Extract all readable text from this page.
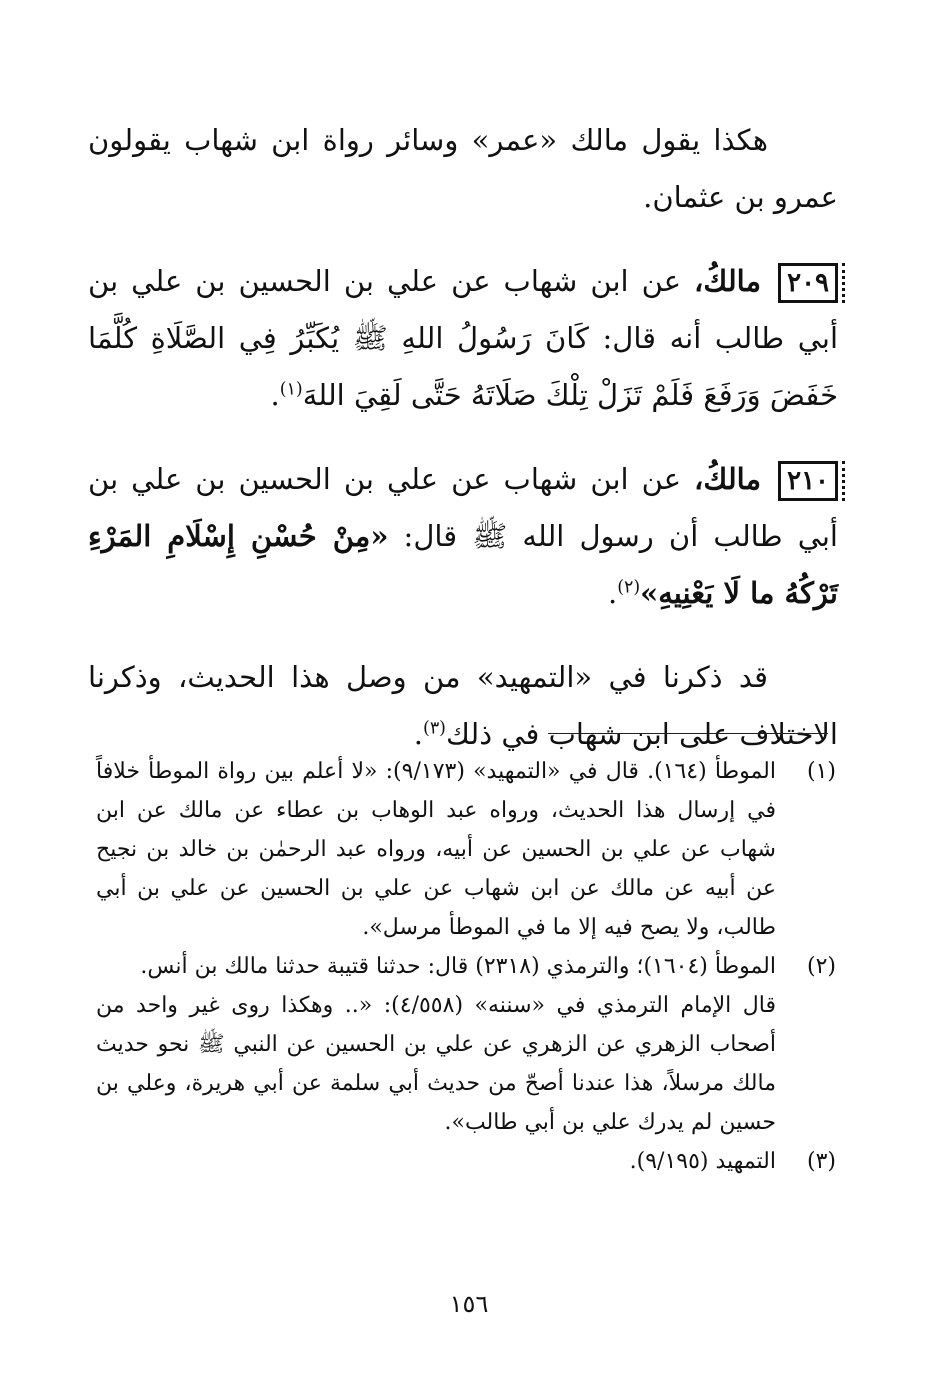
هكذا يقول مالك «عمر» وسائر رواة ابن شهاب يقولون عمرو بن عثمان.

٢٠٩ مالكُ، عن ابن شهاب عن علي بن الحسين بن علي بن أبي طالب أنه قال: كَانَ رَسُولُ اللهِ ﷺ يُكَبِّرُ فِي الصَّلَاةِ كُلَّمَا خَفَضَ وَرَفَعَ فَلَمْ تَزَلْ تِلْكَ صَلَاتَهُ حَتَّى لَقِيَ اللهَ$^{(١)}$.

٢١٠ مالكُ، عن ابن شهاب عن علي بن الحسين بن علي بن أبي طالب أن رسول الله ﷺ قال: «مِنْ حُسْنِ إِسْلَامِ المَرْءِ تَرْكُهُ ما لَا يَعْنِيهِ»$^{(٢)}$.

قد ذكرنا في «التمهيد» من وصل هذا الحديث، وذكرنا الاختلاف على ابن شهاب في ذلك$^{(٣)}$.

(١)

الموطأ (١٦٤). قال في «التمهيد» (٩/١٧٣): «لا أعلم بين رواة الموطأ خلافاً في إرسال هذا الحديث، ورواه عبد الوهاب بن عطاء عن مالك عن ابن شهاب عن علي بن الحسين عن أبيه، ورواه عبد الرحمٰن بن خالد بن نجيح عن أبيه عن مالك عن ابن شهاب عن علي بن الحسين عن علي بن أبي طالب، ولا يصح فيه إلا ما في الموطأ مرسل».

(٢)

الموطأ (١٦٠٤)؛ والترمذي (٢٣١٨) قال: حدثنا قتيبة حدثنا مالك بن أنس.

قال الإمام الترمذي في «سننه» (٤/٥٥٨): «.. وهكذا روى غير واحد من أصحاب الزهري عن الزهري عن علي بن الحسين عن النبي ﷺ نحو حديث مالك مرسلاً، هذا عندنا أصحّ من حديث أبي سلمة عن أبي هريرة، وعلي بن حسين لم يدرك علي بن أبي طالب».

(٣)

التمهيد (٩/١٩٥).

١٥٦
